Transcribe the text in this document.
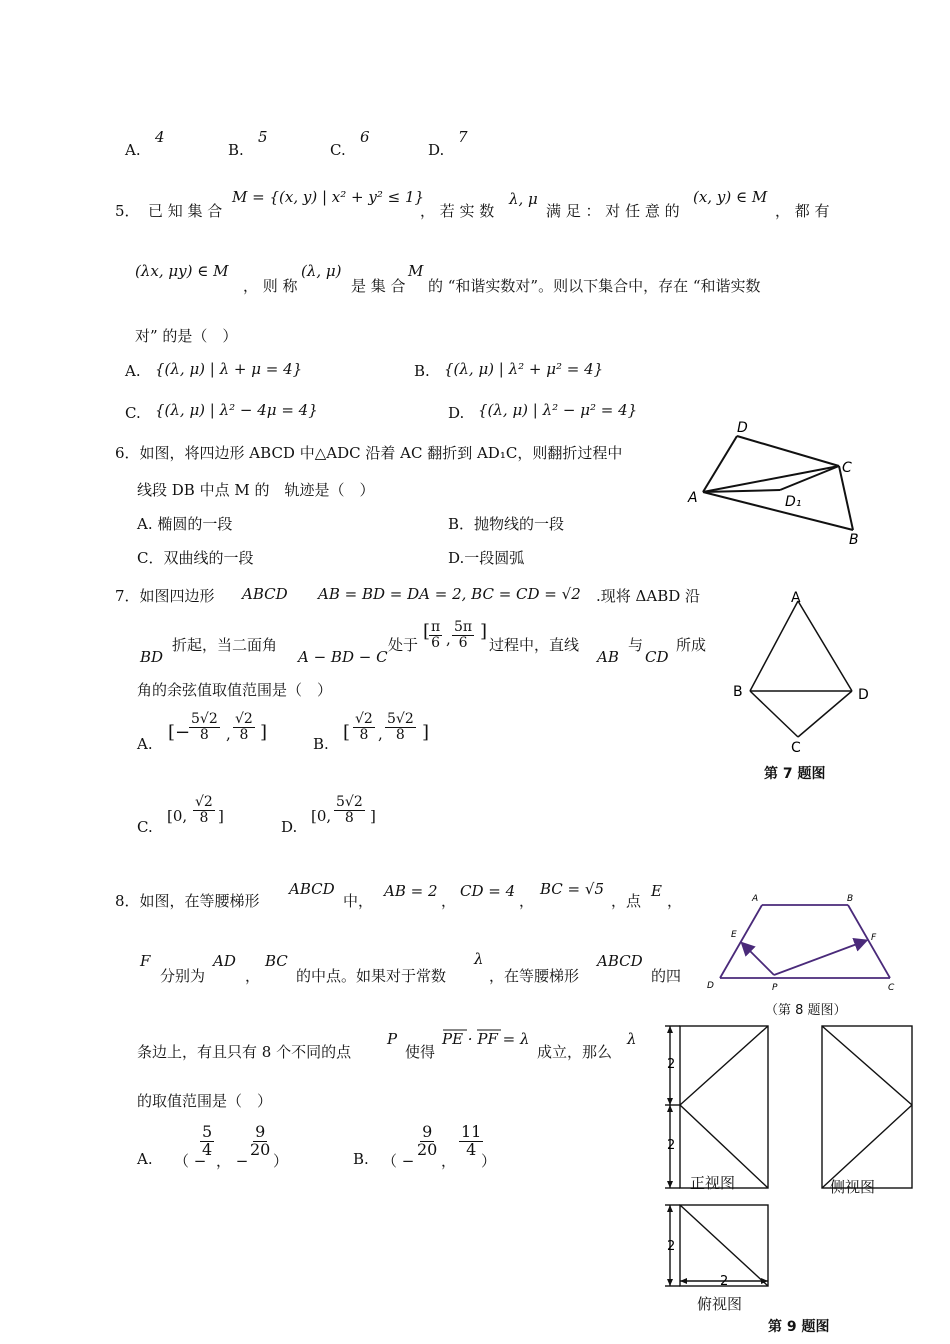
A.
4
B.
5
C.
6
D.
7
5． 已 知 集 合
M = {(x, y) | x² + y² ≤ 1}
， 若 实 数
λ, μ
满 足 ： 对 任 意 的
(x, y) ∈ M
， 都 有
(λx, μy) ∈ M
， 则 称
(λ, μ)
是 集 合
M
的 “和谐实数对”。则以下集合中，存在 “和谐实数
对” 的是（　）
A. {(λ, μ) | λ + μ = 4}	B. {(λ, μ) | λ² + μ² = 4}
C. {(λ, μ) | λ² − 4μ = 4}	D. {(λ, μ) | λ² − μ² = 4}
6．如图，将四边形 ABCD 中△ADC 沿着 AC 翻折到 AD₁C，则翻折过程中
线段 DB 中点 M 的　轨迹是（　）
A. 椭圆的一段	B．抛物线的一段
C．双曲线的一段	D.一段圆弧
D
C
A	D₁
B
7．如图四边形 ABCD AB = BD = DA = 2, BC = CD = √2 .现将 ΔABD 沿
BD
折起，当二面角
A − BD − C
处于
[
$\frac{\pi}{6}$ , $\frac{5\pi}{6}$ ]
过程中，直线
AB
与
CD
所成
角的余弦值取值范围是（　）
A.
[−
$\frac{5√2}{8}$ , $\frac{√2}{8}$ ]
B.
[ $\frac{√2}{8}$ , $\frac{5√2}{8}$ ]
C.
[0, $\frac{√2}{8}$ ]
D.
[0, $\frac{5√2}{8}$ ]
A
B	D
C
第 7 题图
8．如图，在等腰梯形
ABCD
中，
AB = 2
，
CD = 4
，
BC = √5
，点
E
，
F
分别为
AD
，
BC
的中点。如果对于常数
λ
，在等腰梯形
ABCD
的四
条边上，有且只有 8 个不同的点
P
使得
PE · PF = λ
成立，那么
λ
的取值范围是（　）
A. （ −
$\frac{5}{4}$
， −
$\frac{9}{20}$
）	B. （ −
$\frac{9}{20}$
，
$\frac{11}{4}$
）
A	B
E	F
D	P	C
（第 8 题图）
2
2
2
2
正视图	侧视图
俯视图
第 9 题图
